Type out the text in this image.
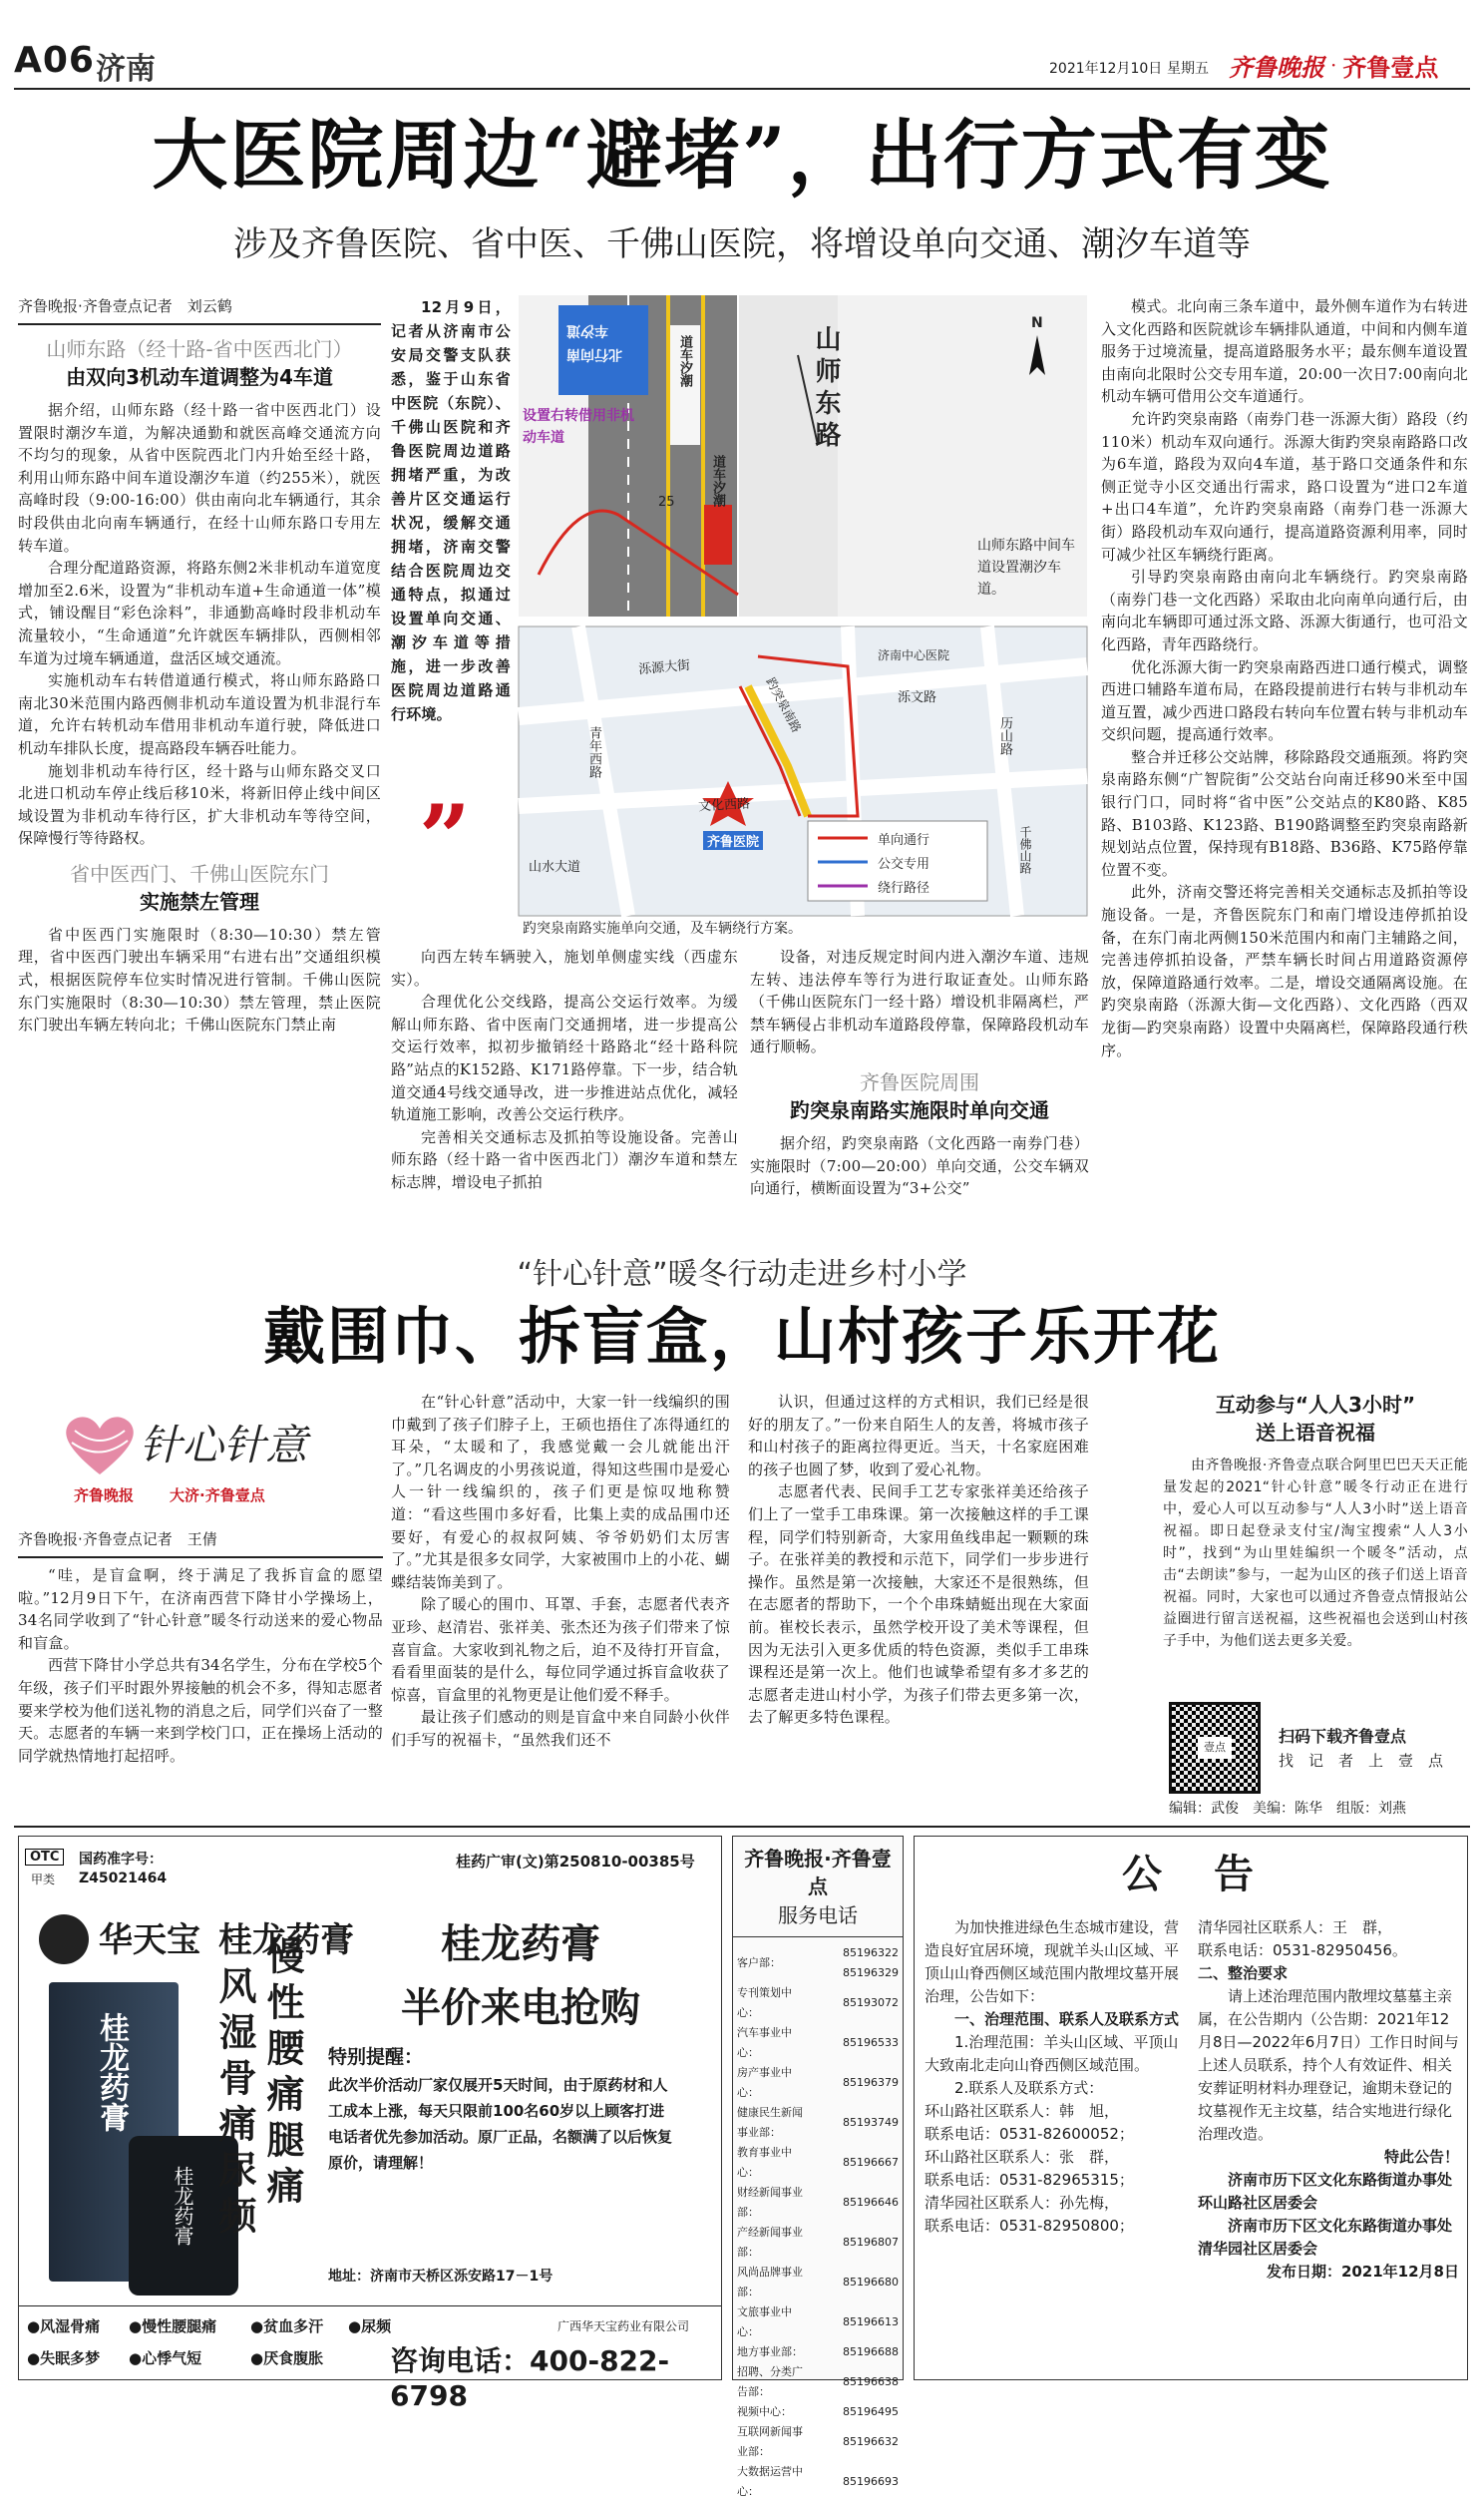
A06 济南	2021年12月10日 星期五 齐鲁晚报 · 齐鲁壹点
大医院周边“避堵”，出行方式有变
涉及齐鲁医院、省中医、千佛山医院，将增设单向交通、潮汐车道等
齐鲁晚报·齐鲁壹点记者　刘云鹤
山师东路（经十路-省中医西北门）
由双向3机动车道调整为4车道

据介绍，山师东路（经十路一省中医西北门）设置限时潮汐车道，为解决通勤和就医高峰交通流方向不均匀的现象，从省中医院西北门内升始至经十路，利用山师东路中间车道设潮汐车道（约255米），就医高峰时段（9:00-16:00）供由南向北车辆通行，其余时段供由北向南车辆通行，在经十山师东路口专用左转车道。

合理分配道路资源，将路东侧2米非机动车道宽度增加至2.6米，设置为“非机动车道+生命通道一体”模式，铺设醒目“彩色涂料”，非通勤高峰时段非机动车流量较小，“生命通道”允许就医车辆排队，西侧相邻车道为过境车辆通道，盘活区域交通流。

实施机动车右转借道通行模式，将山师东路路口南北30米范围内路西侧非机动车道设置为机非混行车道，允许右转机动车借用非机动车道行驶，降低进口机动车排队长度，提高路段车辆吞吐能力。

施划非机动车待行区，经十路与山师东路交叉口北进口机动车停止线后移10米，将新旧停止线中间区域设置为非机动车待行区，扩大非机动车等待空间，保障慢行等待路权。

省中医西门、千佛山医院东门
实施禁左管理

省中医西门实施限时（8:30—10:30）禁左管理，省中医西门驶出车辆采用“右进右出”交通组织模式，根据医院停车位实时情况进行管制。千佛山医院东门实施限时（8:30—10:30）禁左管理，禁止医院东门驶出车辆左转向北；千佛山医院东门禁止南

12月9日，记者从济南市公安局交警支队获悉，鉴于山东省中医院（东院）、千佛山医院和齐鲁医院周边道路拥堵严重，为改善片区交通运行状况，缓解交通拥堵，济南交警结合医院周边交通特点，拟通过设置单向交通、潮汐车道等措施，进一步改善医院周边道路通行环境。

”
车汐道
北行向南	道车汐潮
道车汐潮
25
设置右转借用非机动车道	山师东路
N
山师东路中间车道设置潮汐车道。
泺源大街
泺文路
济南中心医院
齐鲁医院
青年西路
文化西路
趵突泉南路
山水大道
历山路
千佛山路
单向通行
公交专用
绕行路径
趵突泉南路实施单向交通，及车辆绕行方案。

向西左转车辆驶入，施划单侧虚实线（西虚东实）。

合理优化公交线路，提高公交运行效率。为缓解山师东路、省中医南门交通拥堵，进一步提高公交运行效率，拟初步撤销经十路路北“经十路科院路”站点的K152路、K171路停靠。下一步，结合轨道交通4号线交通导改，进一步推进站点优化，减轻轨道施工影响，改善公交运行秩序。

完善相关交通标志及抓拍等设施设备。完善山师东路（经十路一省中医西北门）潮汐车道和禁左标志牌，增设电子抓拍

设备，对违反规定时间内进入潮汐车道、违规左转、违法停车等行为进行取证查处。山师东路（千佛山医院东门一经十路）增设机非隔离栏，严禁车辆侵占非机动车道路段停靠，保障路段机动车通行顺畅。

齐鲁医院周围
趵突泉南路实施限时单向交通

据介绍，趵突泉南路（文化西路一南券门巷）实施限时（7:00—20:00）单向交通，公交车辆双向通行，横断面设置为“3+公交”

模式。北向南三条车道中，最外侧车道作为右转进入文化西路和医院就诊车辆排队通道，中间和内侧车道服务于过境流量，提高道路服务水平；最东侧车道设置由南向北限时公交专用车道，20:00一次日7:00南向北机动车辆可借用公交车道通行。

允许趵突泉南路（南券门巷一泺源大街）路段（约110米）机动车双向通行。泺源大街趵突泉南路路口改为6车道，路段为双向4车道，基于路口交通条件和东侧正觉寺小区交通出行需求，路口设置为“进口2车道+出口4车道”，允许趵突泉南路（南券门巷一泺源大街）路段机动车双向通行，提高道路资源利用率，同时可减少社区车辆绕行距离。

引导趵突泉南路由南向北车辆绕行。趵突泉南路（南券门巷一文化西路）采取由北向南单向通行后，由南向北车辆即可通过泺文路、泺源大街通行，也可沿文化西路，青年西路绕行。

优化泺源大街一趵突泉南路西进口通行模式，调整西进口辅路车道布局，在路段提前进行右转与非机动车道互置，减少西进口路段右转向车位置右转与非机动车交织问题，提高通行效率。

整合并迁移公交站牌，移除路段交通瓶颈。将趵突泉南路东侧“广智院街”公交站台向南迁移90米至中国银行门口，同时将“省中医”公交站点的K80路、K85路、B103路、K123路、B190路调整至趵突泉南路新规划站点位置，保持现有B18路、B36路、K75路停靠位置不变。

此外，济南交警还将完善相关交通标志及抓拍等设施设备。一是，齐鲁医院东门和南门增设违停抓拍设备，在东门南北两侧150米范围内和南门主辅路之间，完善违停抓拍设备，严禁车辆长时间占用道路资源停放，保障道路通行效率。二是，增设交通隔离设施。在趵突泉南路（泺源大街—文化西路）、文化西路（西双龙街—趵突泉南路）设置中央隔离栏，保障路段通行秩序。

“针心针意”暖冬行动走进乡村小学
戴围巾、拆盲盒，山村孩子乐开花
针心针意
齐鲁晚报 大济·齐鲁壹点
齐鲁晚报·齐鲁壹点记者　王倩

“哇，是盲盒啊，终于满足了我拆盲盒的愿望啦。”12月9日下午，在济南西营下降甘小学操场上，34名同学收到了“针心针意”暖冬行动送来的爱心物品和盲盒。

西营下降甘小学总共有34名学生，分布在学校5个年级，孩子们平时跟外界接触的机会不多，得知志愿者要来学校为他们送礼物的消息之后，同学们兴奋了一整天。志愿者的车辆一来到学校门口，正在操场上活动的同学就热情地打起招呼。

在“针心针意”活动中，大家一针一线编织的围巾戴到了孩子们脖子上，王硕也捂住了冻得通红的耳朵，“太暖和了，我感觉戴一会儿就能出汗了。”几名调皮的小男孩说道，得知这些围巾是爱心人一针一线编织的，孩子们更是惊叹地称赞道：“看这些围巾多好看，比集上卖的成品围巾还要好，有爱心的叔叔阿姨、爷爷奶奶们太厉害了。”尤其是很多女同学，大家被围巾上的小花、蝴蝶结装饰美到了。

除了暖心的围巾、耳罩、手套，志愿者代表齐亚珍、赵清岩、张祥美、张杰还为孩子们带来了惊喜盲盒。大家收到礼物之后，迫不及待打开盲盒，看看里面装的是什么，每位同学通过拆盲盒收获了惊喜，盲盒里的礼物更是让他们爱不释手。

最让孩子们感动的则是盲盒中来自同龄小伙伴们手写的祝福卡，“虽然我们还不

认识，但通过这样的方式相识，我们已经是很好的朋友了。”一份来自陌生人的友善，将城市孩子和山村孩子的距离拉得更近。当天，十名家庭困难的孩子也圆了梦，收到了爱心礼物。

志愿者代表、民间手工艺专家张祥美还给孩子们上了一堂手工串珠课。第一次接触这样的手工课程，同学们特别新奇，大家用鱼线串起一颗颗的珠子。在张祥美的教授和示范下，同学们一步步进行操作。虽然是第一次接触，大家还不是很熟练，但在志愿者的帮助下，一个个串珠蜻蜓出现在大家面前。崔校长表示，虽然学校开设了美术等课程，但因为无法引入更多优质的特色资源，类似手工串珠课程还是第一次上。他们也诚挚希望有多才多艺的志愿者走进山村小学，为孩子们带去更多第一次，去了解更多特色课程。

互动参与“人人3小时”
送上语音祝福

由齐鲁晚报·齐鲁壹点联合阿里巴巴天天正能量发起的2021“针心针意”暖冬行动正在进行中，爱心人可以互动参与“人人3小时”送上语音祝福。即日起登录支付宝/淘宝搜索“人人3小时”，找到“为山里娃编织一个暖冬”活动，点击“去朗读”参与，一起为山区的孩子们送上语音祝福。同时，大家也可以通过齐鲁壹点情报站公益圈进行留言送祝福，这些祝福也会送到山村孩子手中，为他们送去更多关爱。

壹点
扫码下载齐鲁壹点
找　记　者　上　壹　点
编辑：武俊　美编：陈华　组版：刘燕
OTC
甲类
国药准字号：
Z45021464
桂药广审(文)第250810-00385号
华天宝 桂龙药膏
桂龙药膏
桂龙药膏 风湿骨痛尿频 慢性腰痛腿痛	桂龙药膏
半价来电抢购
特别提醒：
此次半价活动厂家仅展开5天时间，由于原药材和人工成本上涨，每天只限前100名60岁以上顾客打进电话者优先参加活动。原厂正品，名额满了以后恢复原价，请理解！
地址：济南市天桥区泺安路17－1号
●风湿骨痛 ●慢性腰腿痛 ●贫血多汗 ●尿频
●失眠多梦 ●心悸气短	●厌食腹胀
广西华天宝药业有限公司
咨询电话：400-822-6798
齐鲁晚报·齐鲁壹点
服务电话
客户部：	85196322 85196329
专刊策划中心：	85193072
汽车事业中心：	85196533
房产事业中心：	85196379
健康民生新闻事业部：	85193749
教育事业中心：	85196667
财经新闻事业部：	85196646
产经新闻事业部：	85196807
风尚品牌事业部：	85196680
文旅事业中心：	85196613
地方事业部：	85196688
招聘、分类广告部：	85196638
视频中心：	85196495
互联网新闻事业部：	85196632
大数据运营中心：	85196693
公　告
为加快推进绿色生态城市建设，营造良好宜居环境，现就羊头山区域、平顶山山脊西侧区域范围内散埋坟墓开展治理，公告如下：
一、治理范围、联系人及联系方式
1.治理范围：羊头山区域、平顶山大致南北走向山脊西侧区域范围。
2.联系人及联系方式：
环山路社区联系人：韩　旭，
联系电话：0531-82600052；
环山路社区联系人：张　群，
联系电话：0531-82965315；
清华园社区联系人：孙先梅，
联系电话：0531-82950800；
清华园社区联系人：王　群，
联系电话：0531-82950456。
二、整治要求
请上述治理范围内散埋坟墓墓主亲属，在公告期内（公告期：2021年12月8日—2022年6月7日）工作日时间与上述人员联系，持个人有效证件、相关安葬证明材料办理登记，逾期未登记的坟墓视作无主坟墓，结合实地进行绿化治理改造。
特此公告！
济南市历下区文化东路街道办事处环山路社区居委会
济南市历下区文化东路街道办事处清华园社区居委会
发布日期：2021年12月8日
